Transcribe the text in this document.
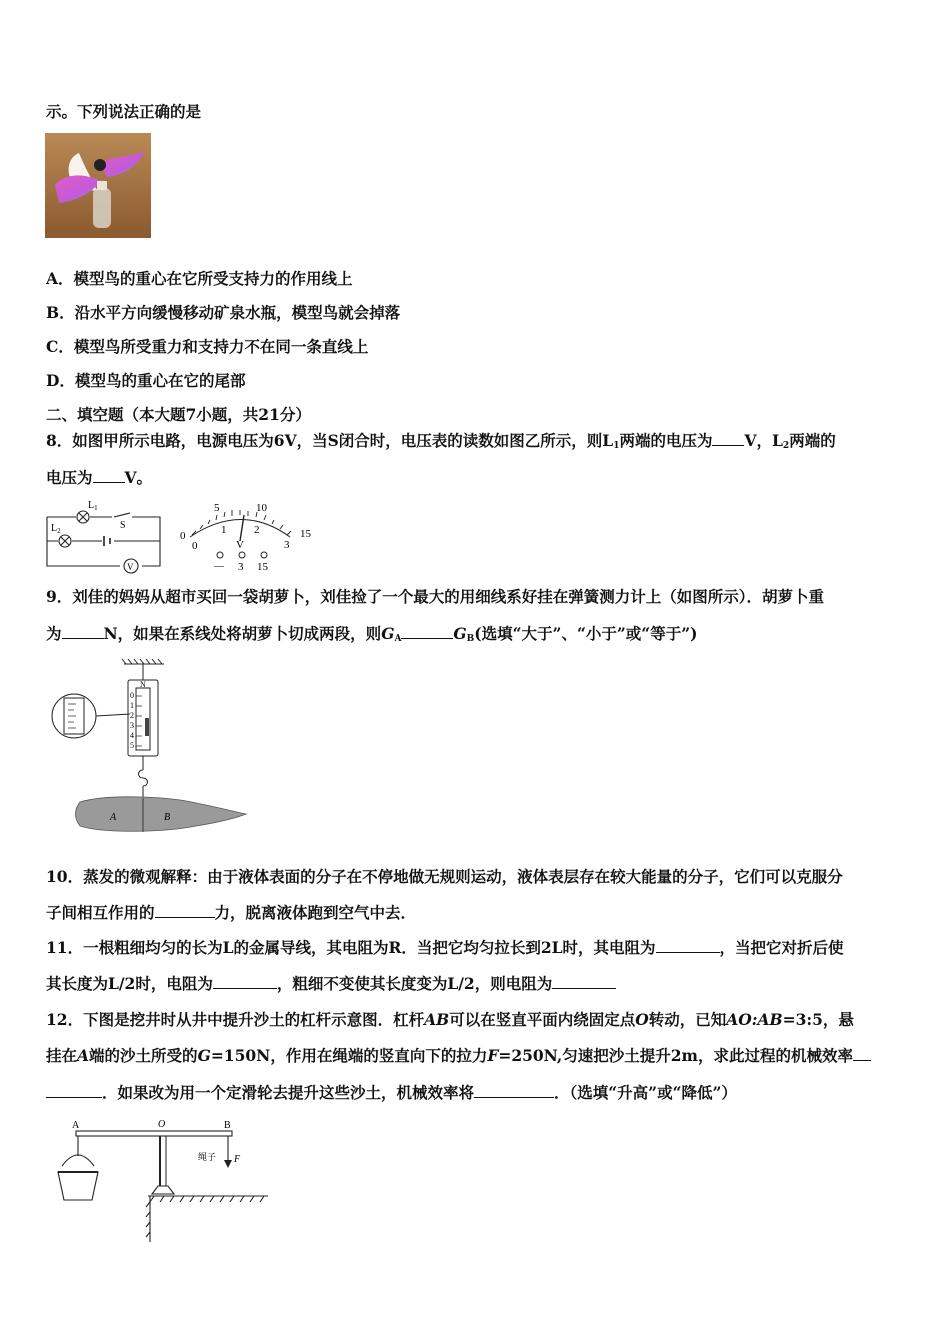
示。下列说法正确的是
A．模型鸟的重心在它所受支持力的作用线上
B．沿水平方向缓慢移动矿泉水瓶，模型鸟就会掉落
C．模型鸟所受重力和支持力不在同一条直线上
D．模型鸟的重心在它的尾部
二、填空题（本大题7小题，共21分）
8．如图甲所示电路，电源电压为6V，当S闭合时，电压表的读数如图乙所示，则$L_1$两端的电压为 V，$L_2$两端的
电压为 V。
$L_1$
$L_2$	S
V
0
5	10
15
0
1	2
3
V
— 3 15
9．刘佳的妈妈从超市买回一袋胡萝卜，刘佳捡了一个最大的用细线系好挂在弹簧测力计上（如图所示）．胡萝卜重
为	N，如果在系线处将胡萝卜切成两段，则$G_A$	$G_B$(选填“大于”、“小于”或“等于”)
N
0
1
2
3
4
5
A	B
10．蒸发的微观解释：由于液体表面的分子在不停地做无规则运动，液体表层存在较大能量的分子，它们可以克服分
子间相互作用的	力，脱离液体跑到空气中去．
11．一根粗细均匀的长为L的金属导线，其电阻为R．当把它均匀拉长到2L时，其电阻为	，当把它对折后使
其长度为L/2时，电阻为	，粗细不变使其长度变为L/2，则电阻为
12．下图是挖井时从井中提升沙土的杠杆示意图．杠杆AB可以在竖直平面内绕固定点O转动，已知AO:AB=3:5，悬
挂在A端的沙土所受的G=150N，作用在绳端的竖直向下的拉力F=250N,匀速把沙土提升2m，求此过程的机械效率
．如果改为用一个定滑轮去提升这些沙土，机械效率将	．（选填“升高”或“降低”）
A	O	B
绳子 F
